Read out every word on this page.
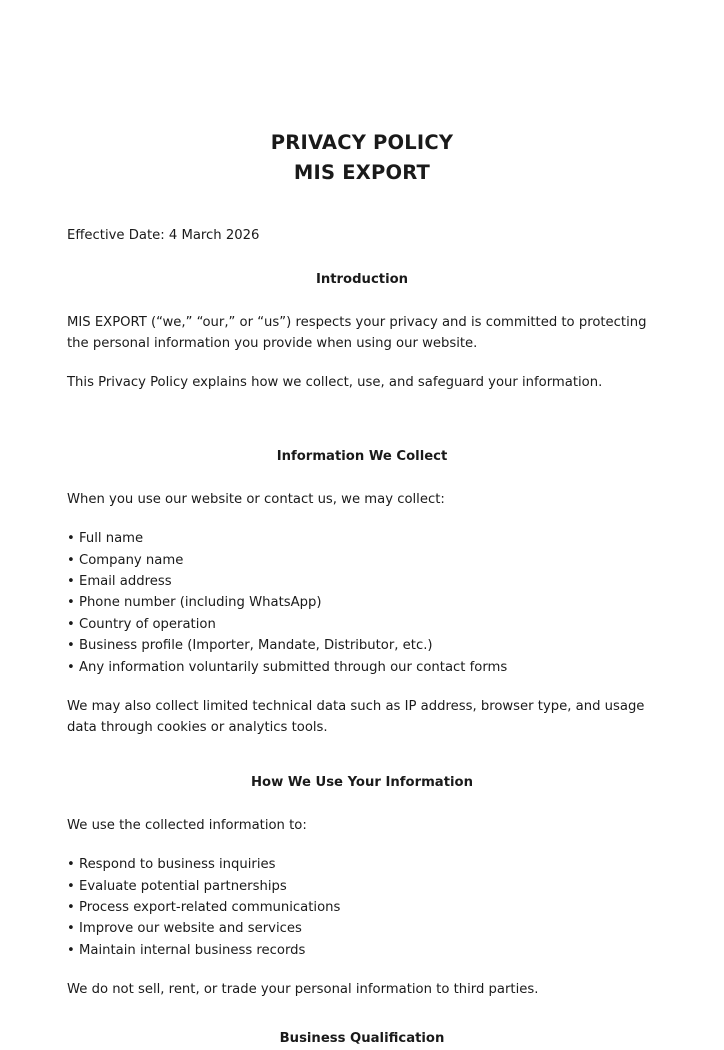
PRIVACY POLICY
MIS EXPORT

Effective Date: 4 March 2026

Introduction

MIS EXPORT (“we,” “our,” or “us”) respects your privacy and is committed to protecting the personal information you provide when using our website.

This Privacy Policy explains how we collect, use, and safeguard your information.

Information We Collect

When you use our website or contact us, we may collect:

• Full name
• Company name
• Email address
• Phone number (including WhatsApp)
• Country of operation
• Business profile (Importer, Mandate, Distributor, etc.)
• Any information voluntarily submitted through our contact forms

We may also collect limited technical data such as IP address, browser type, and usage data through cookies or analytics tools.

How We Use Your Information

We use the collected information to:

• Respond to business inquiries
• Evaluate potential partnerships
• Process export-related communications
• Improve our website and services
• Maintain internal business records

We do not sell, rent, or trade your personal information to third parties.

Business Qualification
